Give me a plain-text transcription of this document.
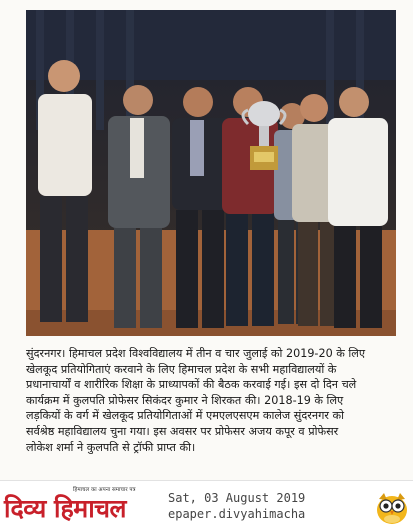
सुंदरनगर। हिमाचल प्रदेश विश्वविद्यालय में तीन व चार जुलाई को 2019-20 के लिए
खेलकूद प्रतियोगिताएं करवाने के लिए हिमाचल प्रदेश के सभी महाविद्यालयों के
प्रधानाचार्यों व शारीरिक शिक्षा के प्राध्यापकों की बैठक करवाई गई। इस दो दिन चले
कार्यक्रम में कुलपति प्रोफेसर सिकंदर कुमार ने शिरकत की। 2018-19 के लिए
लड़कियों के वर्ग में खेलकूद प्रतियोगिताओं में एमएलएसएम कालेज सुंदरनगर को
सर्वश्रेष्ठ महाविद्यालय चुना गया। इस अवसर पर प्रोफेसर अजय कपूर व प्रोफेसर
लोकेश शर्मा ने कुलपति से ट्रॉफी प्राप्त की।
हिमाचल का अपना समाचार पत्र
दिव्य हिमाचल	Sat, 03 August 2019
epaper.divyahimacha
